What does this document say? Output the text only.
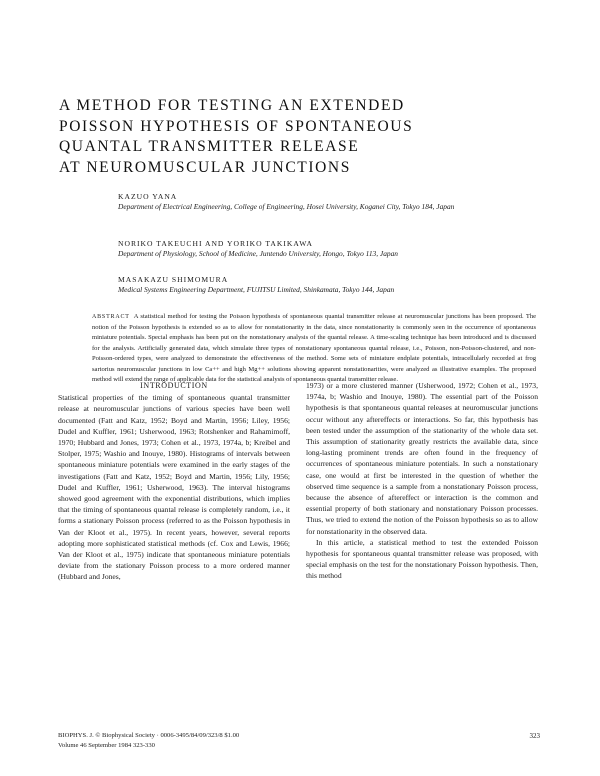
A METHOD FOR TESTING AN EXTENDED
POISSON HYPOTHESIS OF SPONTANEOUS
QUANTAL TRANSMITTER RELEASE
AT NEUROMUSCULAR JUNCTIONS

KAZUO YANA

Department of Electrical Engineering, College of Engineering, Hosei University, Koganei City, Tokyo 184, Japan

NORIKO TAKEUCHI AND YORIKO TAKIKAWA

Department of Physiology, School of Medicine, Juntendo University, Hongo, Tokyo 113, Japan

MASAKAZU SHIMOMURA

Medical Systems Engineering Department, FUJITSU Limited, Shinkamata, Tokyo 144, Japan

ABSTRACT A statistical method for testing the Poisson hypothesis of spontaneous quantal transmitter release at neuromuscular junctions has been proposed. The notion of the Poisson hypothesis is extended so as to allow for nonstationarity in the data, since nonstationarity is commonly seen in the occurrence of spontaneous miniature potentials. Special emphasis has been put on the nonstationary analysis of the quantal release. A time-scaling technique has been introduced and is discussed for the analysis. Artificially generated data, which simulate three types of nonstationary spontaneous quantal release, i.e., Poisson, non-Poisson-clustered, and non-Poisson-ordered types, were analyzed to demonstrate the effectiveness of the method. Some sets of miniature endplate potentials, intracellularly recorded at frog sartorius neuromuscular junctions in low Ca++ and high Mg++ solutions showing apparent nonstationarities, were analyzed as illustrative examples. The proposed method will extend the range of applicable data for the statistical analysis of spontaneous quantal transmitter release.

INTRODUCTION

Statistical properties of the timing of spontaneous quantal transmitter release at neuromuscular junctions of various species have been well documented (Fatt and Katz, 1952; Boyd and Martin, 1956; Liley, 1956; Dudel and Kuffler, 1961; Usherwood, 1963; Rotshenker and Rahamimoff, 1970; Hubbard and Jones, 1973; Cohen et al., 1973, 1974a, b; Kreibel and Stolper, 1975; Washio and Inouye, 1980). Histograms of intervals between spontaneous miniature potentials were examined in the early stages of the investigations (Fatt and Katz, 1952; Boyd and Martin, 1956; Lily, 1956; Dudel and Kuffler, 1961; Usherwood, 1963). The interval histograms showed good agreement with the exponential distributions, which implies that the timing of spontaneous quantal release is completely random, i.e., it forms a stationary Poisson process (referred to as the Poisson hypothesis in Van der Kloot et al., 1975). In recent years, however, several reports adopting more sophisticated statistical methods (cf. Cox and Lewis, 1966; Van der Kloot et al., 1975) indicate that spontaneous miniature potentials deviate from the stationary Poisson process to a more ordered manner (Hubbard and Jones,

1973) or a more clustered manner (Usherwood, 1972; Cohen et al., 1973, 1974a, b; Washio and Inouye, 1980). The essential part of the Poisson hypothesis is that spontaneous quantal releases at neuromuscular junctions occur without any aftereffects or interactions. So far, this hypothesis has been tested under the assumption of the stationarity of the whole data set. This assumption of stationarity greatly restricts the available data, since long-lasting prominent trends are often found in the frequency of occurrences of spontaneous miniature potentials. In such a nonstationary case, one would at first be interested in the question of whether the observed time sequence is a sample from a nonstationary Poisson process, because the absence of aftereffect or interaction is the common and essential property of both stationary and nonstationary Poisson processes. Thus, we tried to extend the notion of the Poisson hypothesis so as to allow for nonstationarity in the observed data.

In this article, a statistical method to test the extended Poisson hypothesis for spontaneous quantal transmitter release was proposed, with special emphasis on the test for the nonstationary Poisson hypothesis. Then, this method

BIOPHYS. J. © Biophysical Society · 0006-3495/84/09/323/8 $1.00
Volume 46 September 1984 323-330
323
